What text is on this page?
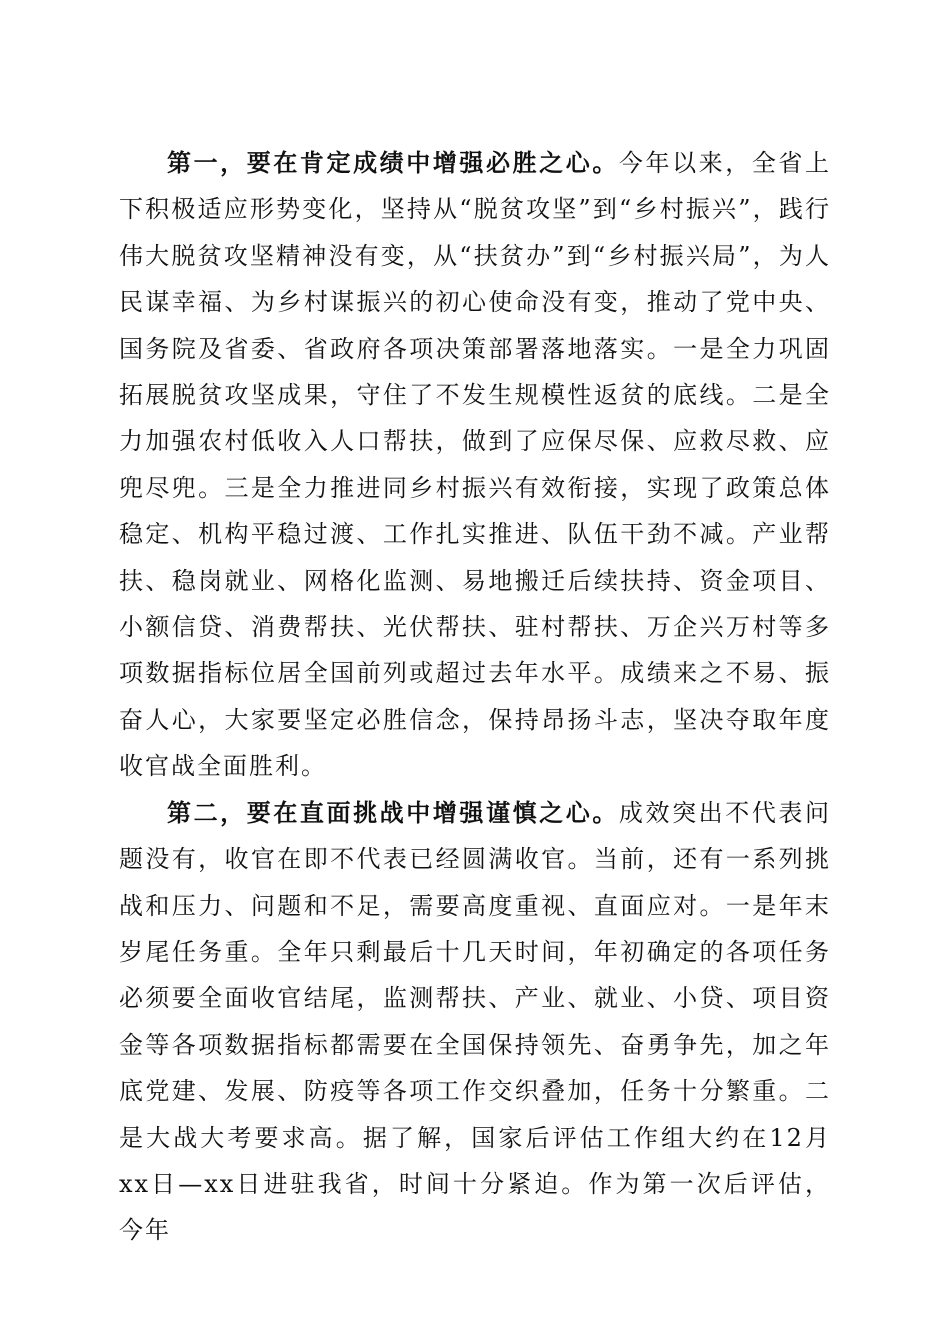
第一，要在肯定成绩中增强必胜之心。今年以来，全省上下积极适应形势变化，坚持从“脱贫攻坚”到“乡村振兴”，践行伟大脱贫攻坚精神没有变，从“扶贫办”到“乡村振兴局”，为人民谋幸福、为乡村谋振兴的初心使命没有变，推动了党中央、国务院及省委、省政府各项决策部署落地落实。一是全力巩固拓展脱贫攻坚成果，守住了不发生规模性返贫的底线。二是全力加强农村低收入人口帮扶，做到了应保尽保、应救尽救、应兜尽兜。三是全力推进同乡村振兴有效衔接，实现了政策总体稳定、机构平稳过渡、工作扎实推进、队伍干劲不减。产业帮扶、稳岗就业、网格化监测、易地搬迁后续扶持、资金项目、小额信贷、消费帮扶、光伏帮扶、驻村帮扶、万企兴万村等多项数据指标位居全国前列或超过去年水平。成绩来之不易、振奋人心，大家要坚定必胜信念，保持昂扬斗志，坚决夺取年度收官战全面胜利。

第二，要在直面挑战中增强谨慎之心。成效突出不代表问题没有，收官在即不代表已经圆满收官。当前，还有一系列挑战和压力、问题和不足，需要高度重视、直面应对。一是年末岁尾任务重。全年只剩最后十几天时间，年初确定的各项任务必须要全面收官结尾，监测帮扶、产业、就业、小贷、项目资金等各项数据指标都需要在全国保持领先、奋勇争先，加之年底党建、发展、防疫等各项工作交织叠加，任务十分繁重。二是大战大考要求高。据了解，国家后评估工作组大约在12月xx日—xx日进驻我省，时间十分紧迫。作为第一次后评估，今年
